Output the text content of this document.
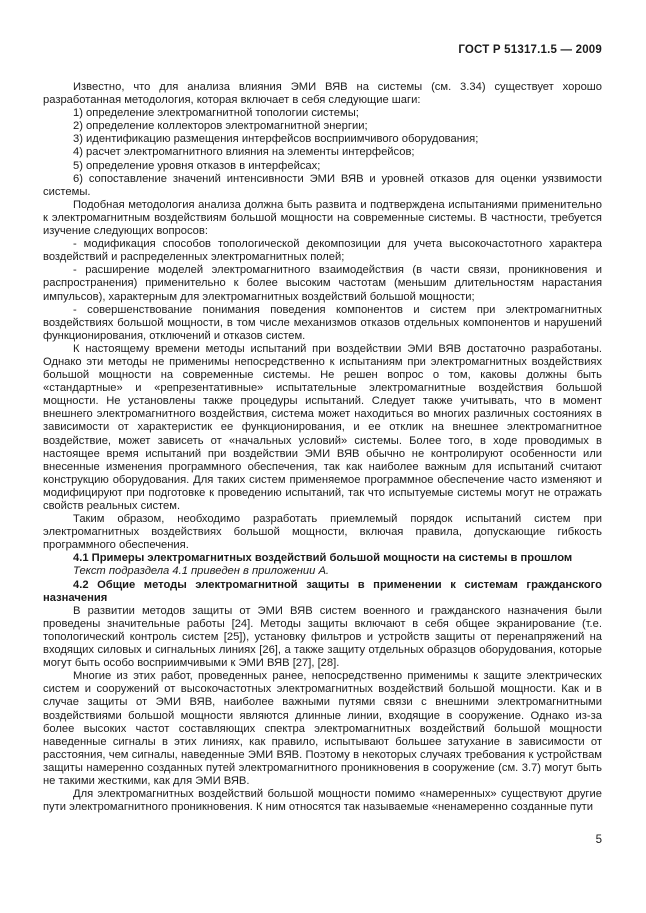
ГОСТ Р 51317.1.5 — 2009

Известно, что для анализа влияния ЭМИ ВЯВ на системы (см. 3.34) существует хорошо разработанная методология, которая включает в себя следующие шаги:

1) определение электромагнитной топологии системы;

2) определение коллекторов электромагнитной энергии;

3) идентификацию размещения интерфейсов восприимчивого оборудования;

4) расчет электромагнитного влияния на элементы интерфейсов;

5) определение уровня отказов в интерфейсах;

6) сопоставление значений интенсивности ЭМИ ВЯВ и уровней отказов для оценки уязвимости системы.

Подобная методология анализа должна быть развита и подтверждена испытаниями применительно к электромагнитным воздействиям большой мощности на современные системы. В частности, требуется изучение следующих вопросов:

- модификация способов топологической декомпозиции для учета высокочастотного характера воздействий и распределенных электромагнитных полей;

- расширение моделей электромагнитного взаимодействия (в части связи, проникновения и распространения) применительно к более высоким частотам (меньшим длительностям нарастания импульсов), характерным для электромагнитных воздействий большой мощности;

- совершенствование понимания поведения компонентов и систем при электромагнитных воздействиях большой мощности, в том числе механизмов отказов отдельных компонентов и нарушений функционирования, отключений и отказов систем.

К настоящему времени методы испытаний при воздействии ЭМИ ВЯВ достаточно разработаны. Однако эти методы не применимы непосредственно к испытаниям при электромагнитных воздействиях большой мощности на современные системы. Не решен вопрос о том, каковы должны быть «стандартные» и «репрезентативные» испытательные электромагнитные воздействия большой мощности. Не установлены также процедуры испытаний. Следует также учитывать, что в момент внешнего электромагнитного воздействия, система может находиться во многих различных состояниях в зависимости от характеристик ее функционирования, и ее отклик на внешнее электромагнитное воздействие, может зависеть от «начальных условий» системы. Более того, в ходе проводимых в настоящее время испытаний при воздействии ЭМИ ВЯВ обычно не контролируют особенности или внесенные изменения программного обеспечения, так как наиболее важным для испытаний считают конструкцию оборудования. Для таких систем применяемое программное обеспечение часто изменяют и модифицируют при подготовке к проведению испытаний, так что испытуемые системы могут не отражать свойств реальных систем.

Таким образом, необходимо разработать приемлемый порядок испытаний систем при электромагнитных воздействиях большой мощности, включая правила, допускающие гибкость программного обеспечения.

4.1 Примеры электромагнитных воздействий большой мощности на системы в прошлом

Текст подраздела 4.1 приведен в приложении А.

4.2 Общие методы электромагнитной защиты в применении к системам гражданского назначения

В развитии методов защиты от ЭМИ ВЯВ систем военного и гражданского назначения были проведены значительные работы [24]. Методы защиты включают в себя общее экранирование (т.е. топологический контроль систем [25]), установку фильтров и устройств защиты от перенапряжений на входящих силовых и сигнальных линиях [26], а также защиту отдельных образцов оборудования, которые могут быть особо восприимчивыми к ЭМИ ВЯВ [27], [28].

Многие из этих работ, проведенных ранее, непосредственно применимы к защите электрических систем и сооружений от высокочастотных электромагнитных воздействий большой мощности. Как и в случае защиты от ЭМИ ВЯВ, наиболее важными путями связи с внешними электромагнитными воздействиями большой мощности являются длинные линии, входящие в сооружение. Однако из-за более высоких частот составляющих спектра электромагнитных воздействий большой мощности наведенные сигналы в этих линиях, как правило, испытывают большее затухание в зависимости от расстояния, чем сигналы, наведенные ЭМИ ВЯВ. Поэтому в некоторых случаях требования к устройствам защиты намеренно созданных путей электромагнитного проникновения в сооружение (см. 3.7) могут быть не такими жесткими, как для ЭМИ ВЯВ.

Для электромагнитных воздействий большой мощности помимо «намеренных» существуют другие пути электромагнитного проникновения. К ним относятся так называемые «ненамеренно созданные пути

5
